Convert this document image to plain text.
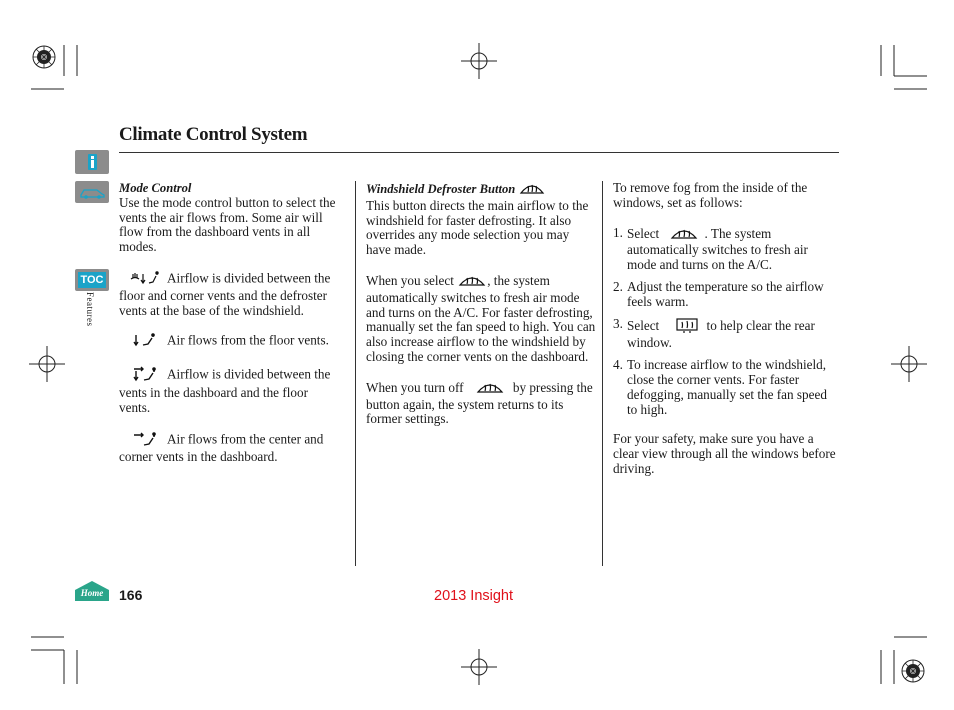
Climate Control System
TOC
Features
Home

Mode Control

Use the mode control button to select the vents the air flows from. Some air will flow from the dashboard vents in all modes.

Airflow is divided between the floor and corner vents and the defroster vents at the base of the windshield.

Air flows from the floor vents.

Airflow is divided between the vents in the dashboard and the floor vents.

Air flows from the center and corner vents in the dashboard.

Windshield Defroster Button

This button directs the main airflow to the windshield for faster defrosting. It also overrides any mode selection you may have made.

When you select	, the system automatically switches to fresh air mode and turns on the A/C. For faster defrosting, manually set the fan speed to high. You can also increase airflow to the windshield by closing the corner vents on the dashboard.

When you turn off	by pressing the button again, the system returns to its former settings.

To remove fog from the inside of the windows, set as follows:

1. Select	. The system automatically switches to fresh air mode and turns on the A/C.
2. Adjust the temperature so the airflow feels warm.
3. Select	to help clear the rear window.
4. To increase airflow to the windshield, close the corner vents. For faster defogging, manually set the fan speed to high.

For your safety, make sure you have a clear view through all the windows before driving.

166	2013 Insight
